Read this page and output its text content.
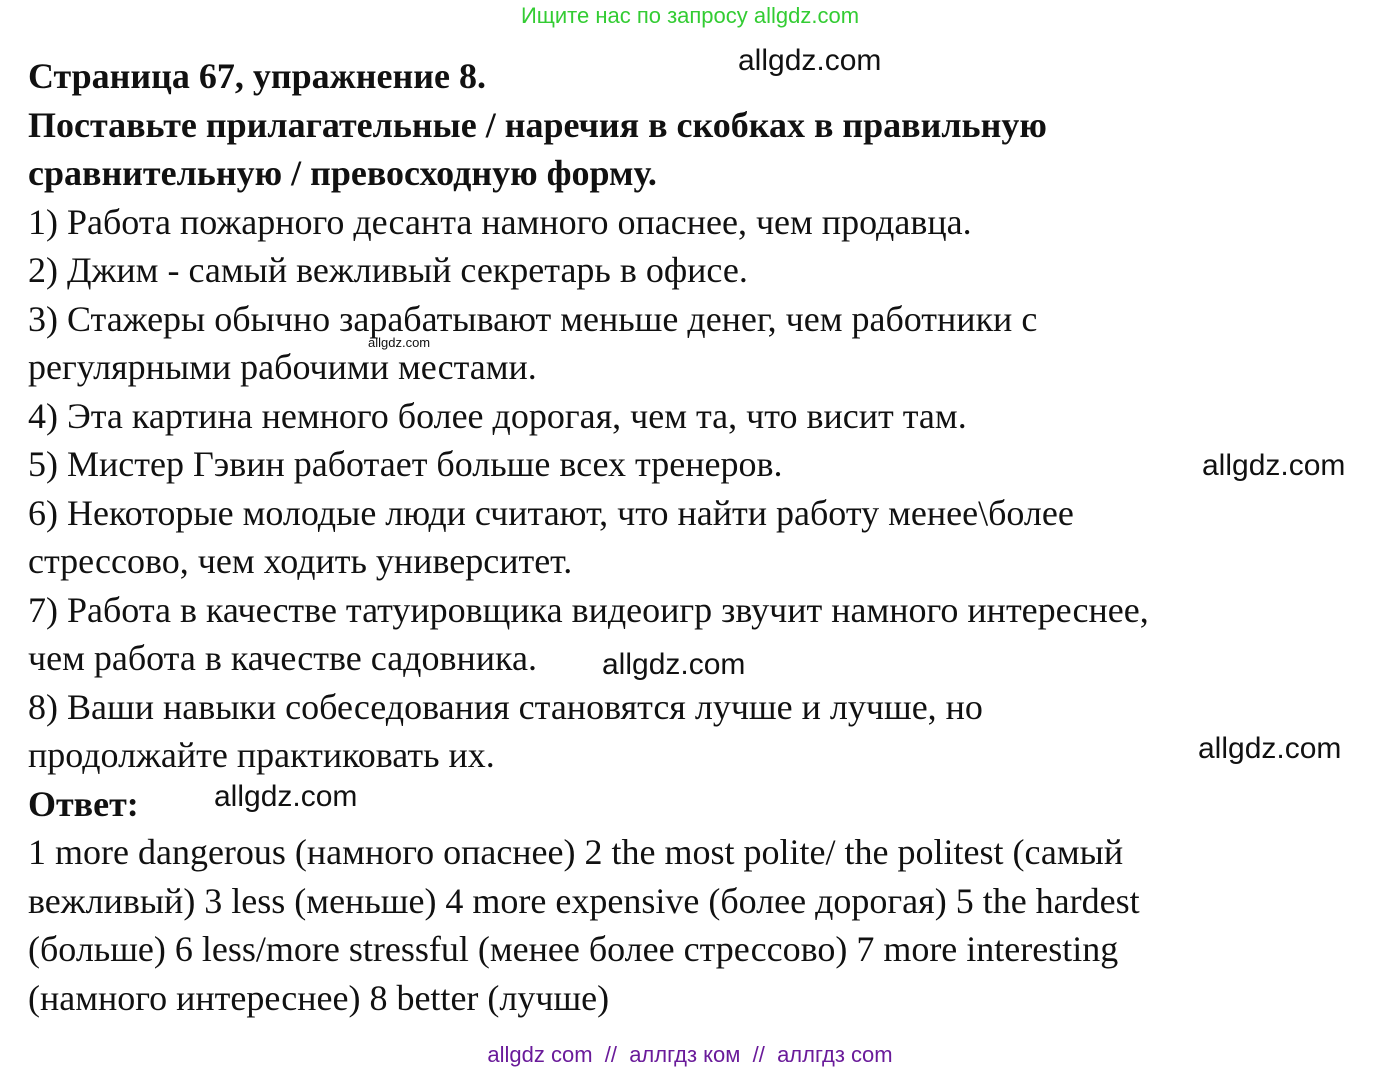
Ищите нас по запросу allgdz.com
Страница 67, упражнение 8.
Поставьте прилагательные / наречия в скобках в правильную
сравнительную / превосходную форму.
1) Работа пожарного десанта намного опаснее, чем продавца.
2) Джим - самый вежливый секретарь в офисе.
3) Стажеры обычно зарабатывают меньше денег, чем работники с
регулярными рабочими местами.
4) Эта картина немного более дорогая, чем та, что висит там.
5) Мистер Гэвин работает больше всех тренеров.
6) Некоторые молодые люди считают, что найти работу менее\более
стрессово, чем ходить университет.
7) Работа в качестве татуировщика видеоигр звучит намного интереснее,
чем работа в качестве садовника.
8) Ваши навыки собеседования становятся лучше и лучше, но
продолжайте практиковать их.
Ответ:
1 more dangerous (намного опаснее) 2 the most polite/ the politest (самый
вежливый) 3 less (меньше) 4 more expensive (более дорогая) 5 the hardest
(больше) 6 less/more stressful (менее более стрессово) 7 more interesting
(намного интереснее) 8 better (лучше)
allgdz.com
allgdz.com
allgdz.com
allgdz.com
allgdz.com
allgdz.com
allgdz com  //  аллгдз ком  //  аллгдз com
